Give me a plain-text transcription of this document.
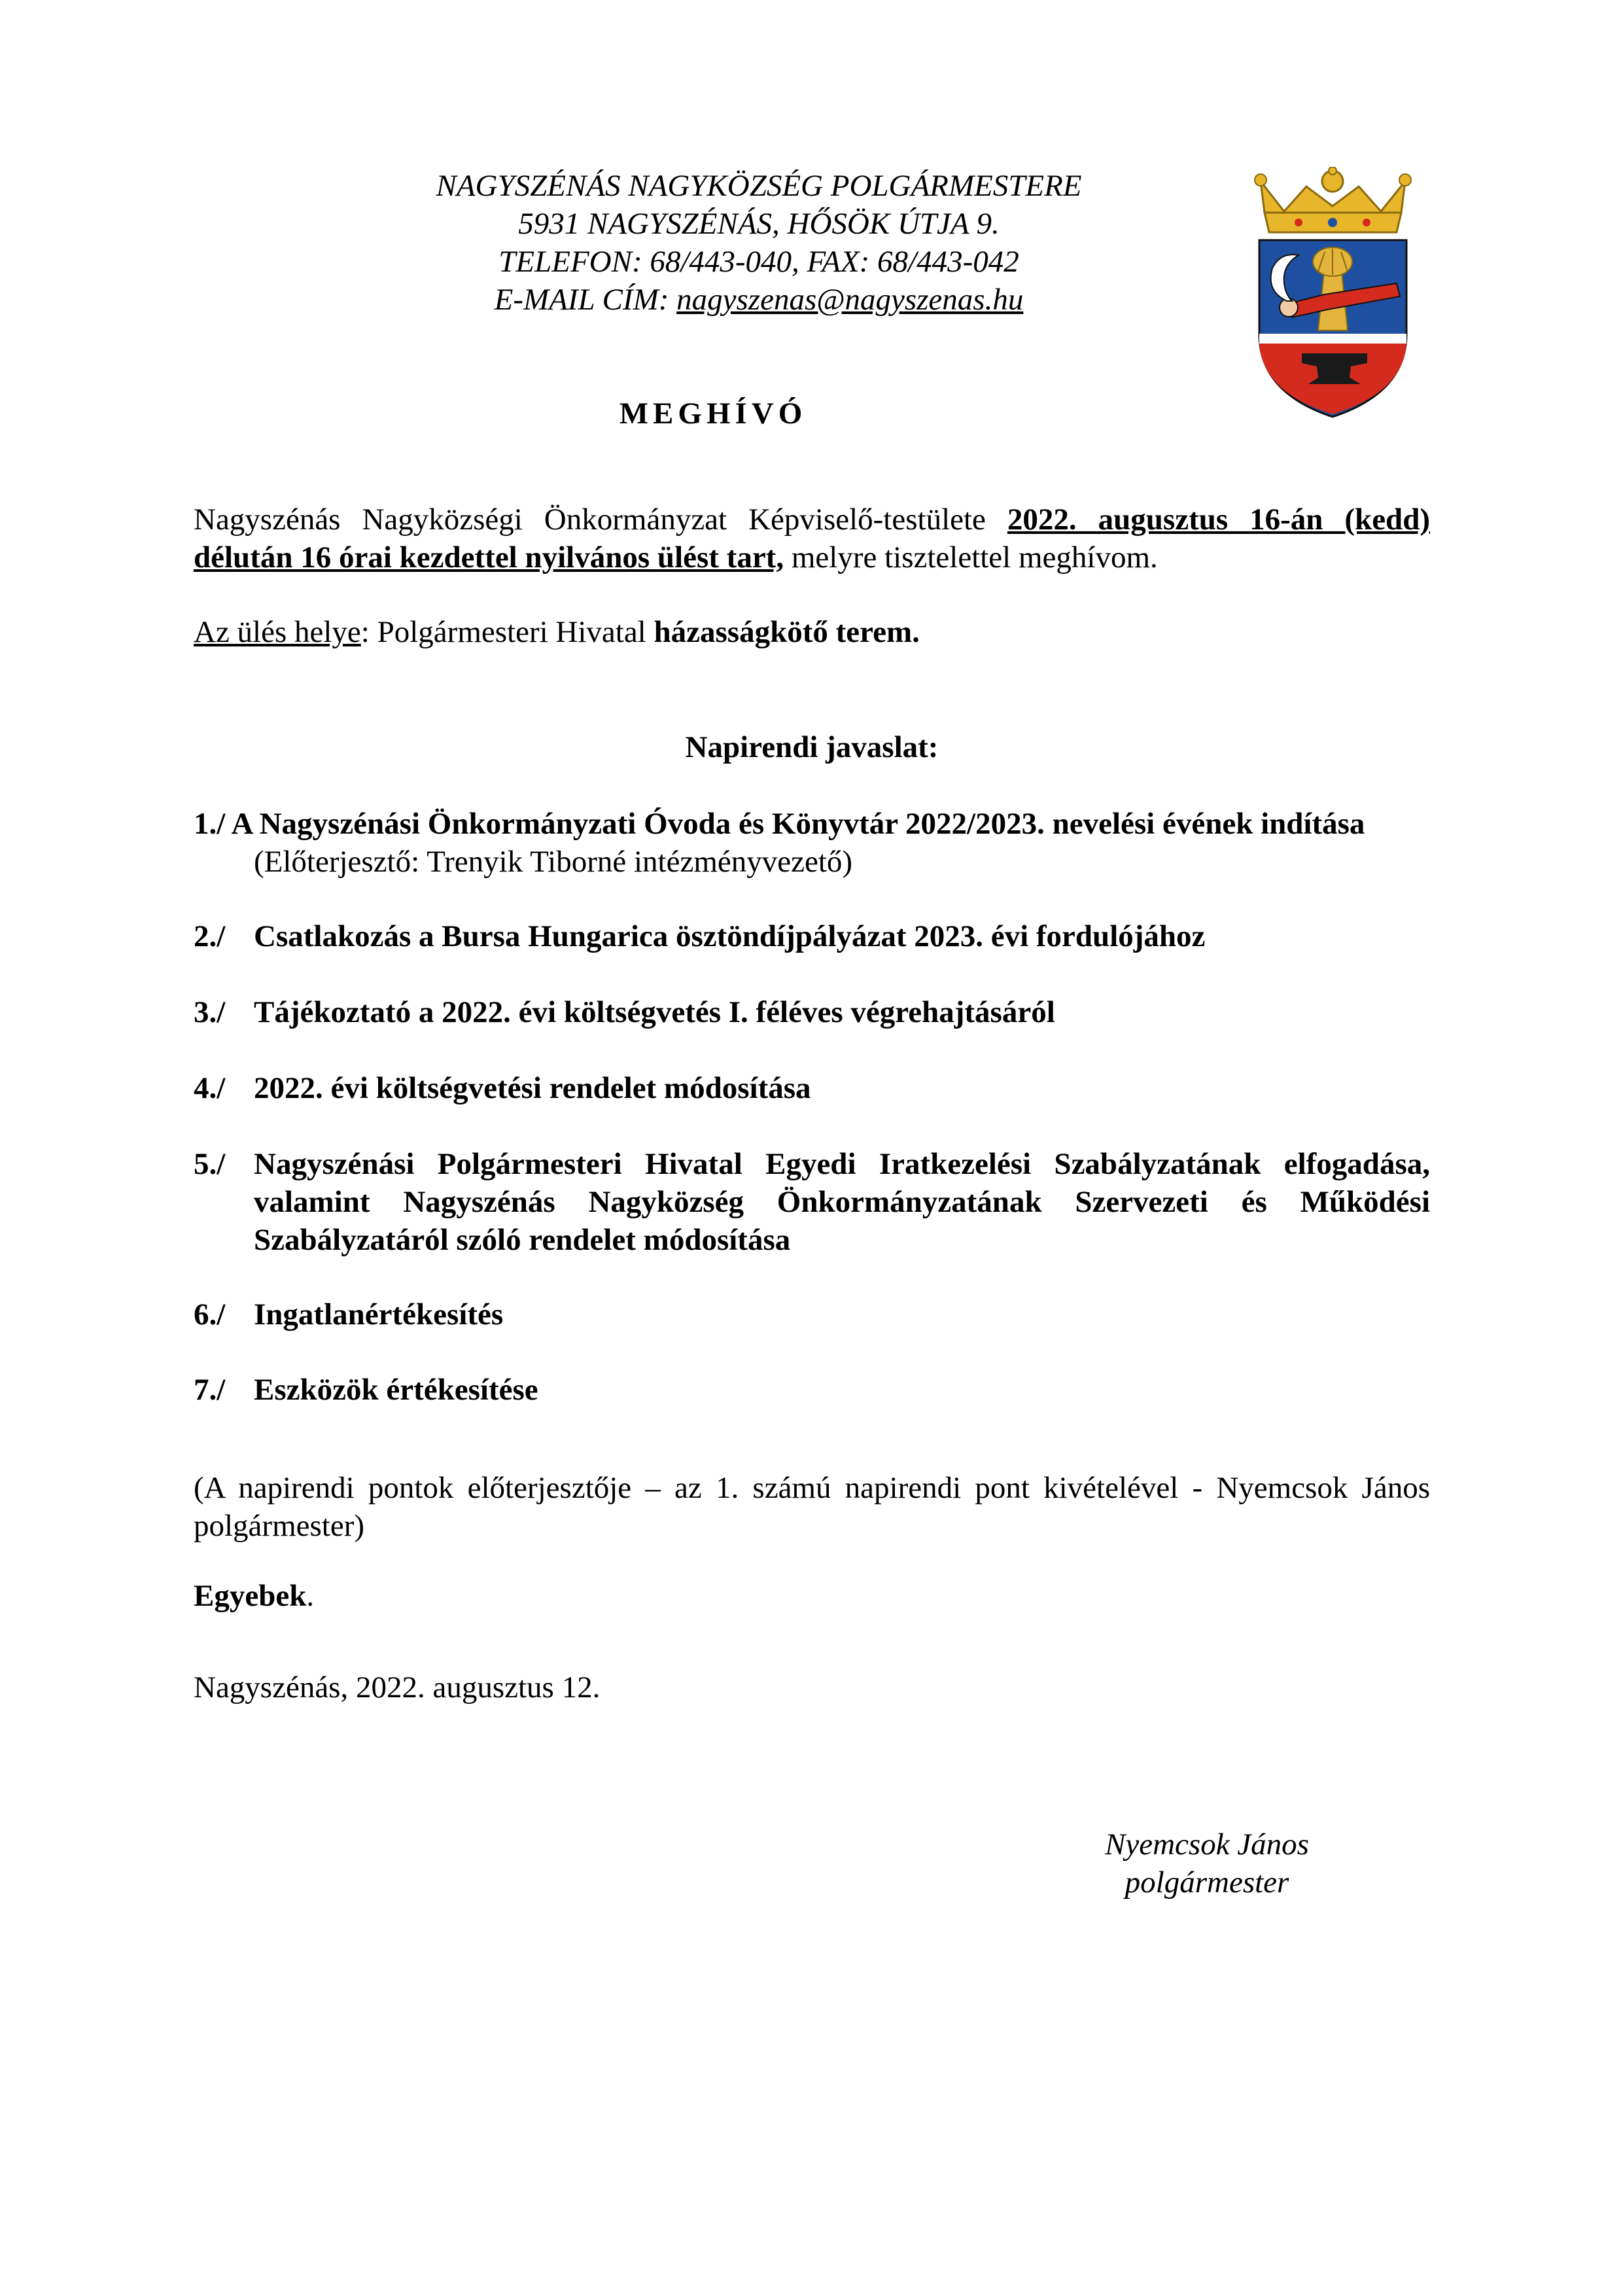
NAGYSZÉNÁS NAGYKÖZSÉG POLGÁRMESTERE
5931 NAGYSZÉNÁS, HŐSÖK ÚTJA 9.
TELEFON: 68/443-040, FAX: 68/443-042
E-MAIL CÍM: nagyszenas@nagyszenas.hu
MEGHÍVÓ
Nagyszénás Nagyközségi Önkormányzat Képviselő-testülete 2022. augusztus 16-án (kedd) délután 16 órai kezdettel nyilvános ülést tart, melyre tisztelettel meghívom.
Az ülés helye: Polgármesteri Hivatal házasságkötő terem.
Napirendi javaslat:
1./ A Nagyszénási Önkormányzati Óvoda és Könyvtár 2022/2023. nevelési évének indítása
(Előterjesztő: Trenyik Tiborné intézményvezető)
2./ Csatlakozás a Bursa Hungarica ösztöndíjpályázat 2023. évi fordulójához
3./ Tájékoztató a 2022. évi költségvetés I. féléves végrehajtásáról
4./ 2022. évi költségvetési rendelet módosítása
5./ Nagyszénási Polgármesteri Hivatal Egyedi Iratkezelési Szabályzatának elfogadása, valamint Nagyszénás Nagyközség Önkormányzatának Szervezeti és Működési Szabályzatáról szóló rendelet módosítása
6./ Ingatlanértékesítés
7./ Eszközök értékesítése
(A napirendi pontok előterjesztője – az 1. számú napirendi pont kivételével - Nyemcsok János polgármester)
Egyebek.
Nagyszénás, 2022. augusztus 12.
Nyemcsok János
polgármester
